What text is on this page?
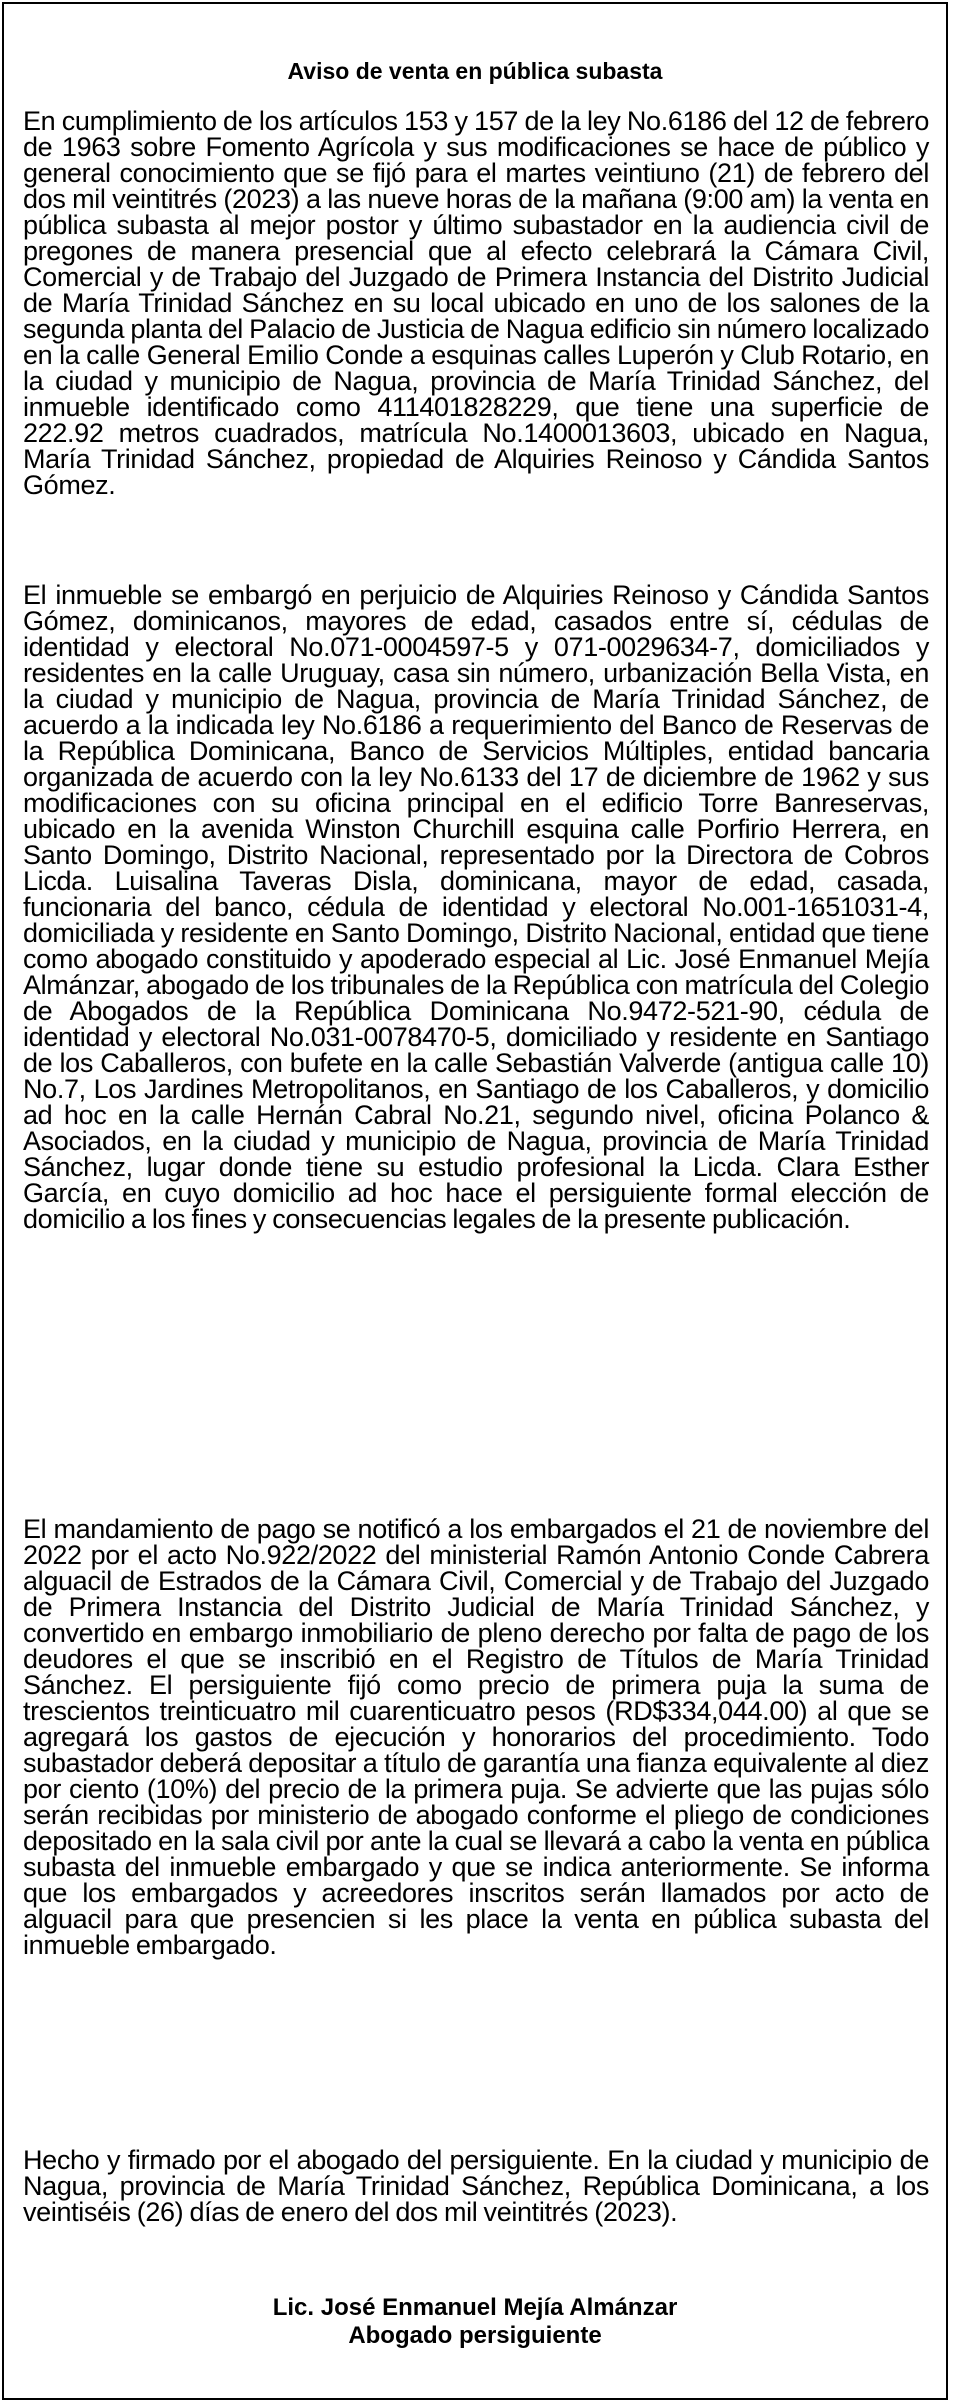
Aviso de venta en pública subasta

En cumplimiento de los artículos 153 y 157 de la ley No.6186 del 12 de febrero de 1963 sobre Fomento Agrícola y sus modificaciones se hace de público y general conocimiento que se fijó para el martes veintiuno (21) de febrero del dos mil veintitrés (2023) a las nueve horas de la mañana (9:00 am) la venta en pública subasta al mejor postor y último subastador en la audiencia civil de pregones de manera presencial que al efecto celebrará la Cámara Civil, Comercial y de Trabajo del Juzgado de Primera Instancia del Distrito Judicial de María Trinidad Sánchez en su local ubicado en uno de los salones de la segunda planta del Palacio de Justicia de Nagua edificio sin número localizado en la calle General Emilio Conde a esquinas calles Luperón y Club Rotario, en la ciudad y municipio de Nagua, provincia de María Trinidad Sánchez, del inmueble identificado como 411401828229, que tiene una superficie de 222.92 metros cuadrados, matrícula No.1400013603, ubicado en Nagua, María Trinidad Sánchez, propiedad de Alquiries Reinoso y Cándida Santos Gómez.

El inmueble se embargó en perjuicio de Alquiries Reinoso y Cándida Santos Gómez, dominicanos, mayores de edad, casados entre sí, cédulas de identidad y electoral No.071-0004597-5 y 071-0029634-7, domiciliados y residentes en la calle Uruguay, casa sin número, urbanización Bella Vista, en la ciudad y municipio de Nagua, provincia de María Trinidad Sánchez, de acuerdo a la indicada ley No.6186 a requerimiento del Banco de Reservas de la República Dominicana, Banco de Servicios Múltiples, entidad bancaria organizada de acuerdo con la ley No.6133 del 17 de diciembre de 1962 y sus modificaciones con su oficina principal en el edificio Torre Banreservas, ubicado en la avenida Winston Churchill esquina calle Porfirio Herrera, en Santo Domingo, Distrito Nacional, representado por la Directora de Cobros Licda. Luisalina Taveras Disla, dominicana, mayor de edad, casada, funcionaria del banco, cédula de identidad y electoral No.001-1651031-4, domiciliada y residente en Santo Domingo, Distrito Nacional, entidad que tiene como abogado constituido y apoderado especial al Lic. José Enmanuel Mejía Almánzar, abogado de los tribunales de la República con matrícula del Colegio de Abogados de la República Dominicana No.9472-521-90, cédula de identidad y electoral No.031-0078470-5, domiciliado y residente en Santiago de los Caballeros, con bufete en la calle Sebastián Valverde (antigua calle 10) No.7, Los Jardines Metropolitanos, en Santiago de los Caballeros, y domicilio ad hoc en la calle Hernán Cabral No.21, segundo nivel, oficina Polanco & Asociados, en la ciudad y municipio de Nagua, provincia de María Trinidad Sánchez, lugar donde tiene su estudio profesional la Licda. Clara Esther García, en cuyo domicilio ad hoc hace el persiguiente formal elección de domicilio a los fines y consecuencias legales de la presente publicación.

El mandamiento de pago se notificó a los embargados el 21 de noviembre del 2022 por el acto No.922/2022 del ministerial Ramón Antonio Conde Cabrera alguacil de Estrados de la Cámara Civil, Comercial y de Trabajo del Juzgado de Primera Instancia del Distrito Judicial de María Trinidad Sánchez, y convertido en embargo inmobiliario de pleno derecho por falta de pago de los deudores el que se inscribió en el Registro de Títulos de María Trinidad Sánchez. El persiguiente fijó como precio de primera puja la suma de trescientos treinticuatro mil cuarenticuatro pesos (RD$334,044.00) al que se agregará los gastos de ejecución y honorarios del procedimiento. Todo subastador deberá depositar a título de garantía una fianza equivalente al diez por ciento (10%) del precio de la primera puja. Se advierte que las pujas sólo serán recibidas por ministerio de abogado conforme el pliego de condiciones depositado en la sala civil por ante la cual se llevará a cabo la venta en pública subasta del inmueble embargado y que se indica anteriormente. Se informa que los embargados y acreedores inscritos serán llamados por acto de alguacil para que presencien si les place la venta en pública subasta del inmueble embargado.

Hecho y firmado por el abogado del persiguiente. En la ciudad y municipio de Nagua, provincia de María Trinidad Sánchez, República Dominicana, a los veintiséis (26) días de enero del dos mil veintitrés (2023).

Lic. José Enmanuel Mejía Almánzar
Abogado persiguiente
